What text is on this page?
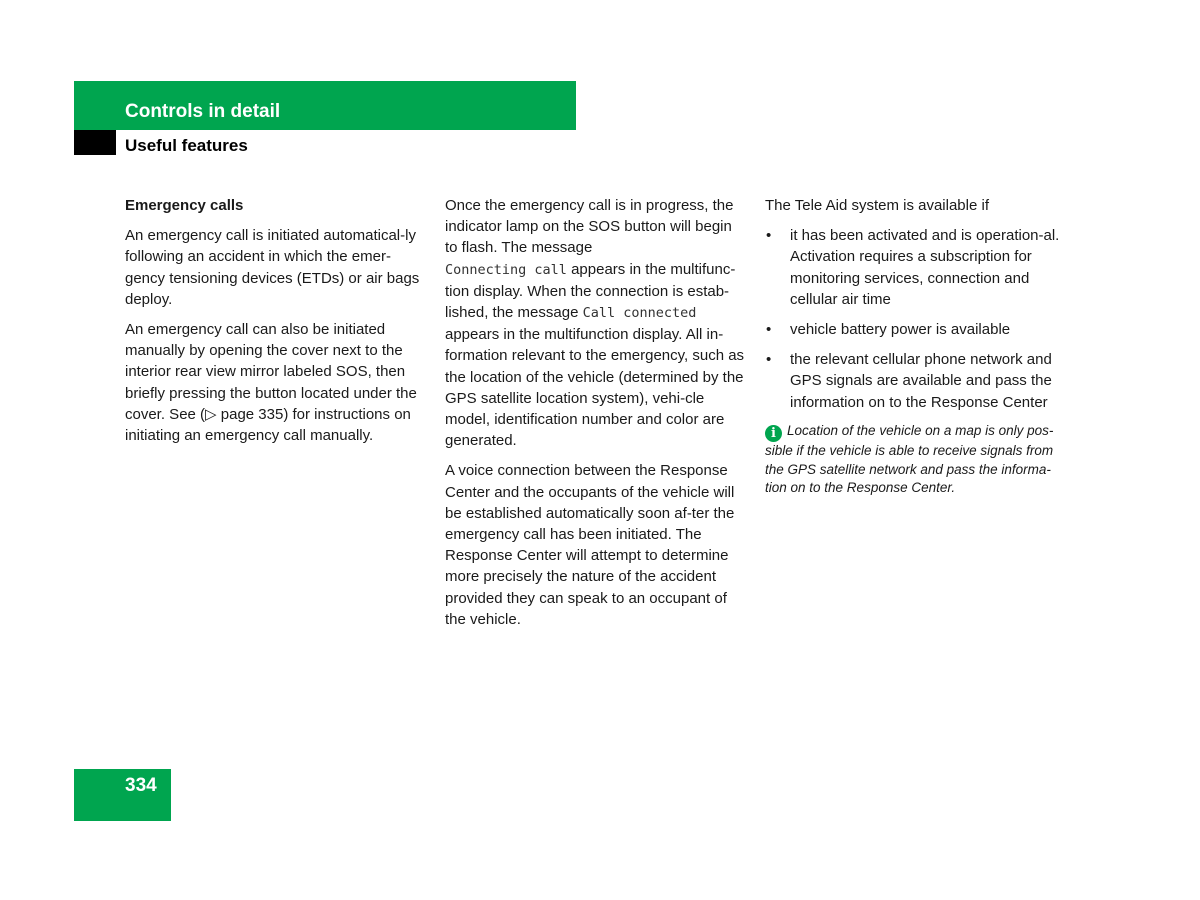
Controls in detail
Useful features
Emergency calls

An emergency call is initiated automatical-ly following an accident in which the emer-gency tensioning devices (ETDs) or air bags deploy.

An emergency call can also be initiated manually by opening the cover next to the interior rear view mirror labeled SOS, then briefly pressing the button located under the cover. See (▷ page 335) for instructions on initiating an emergency call manually.

Once the emergency call is in progress, the indicator lamp on the SOS button will begin to flash. The message
Connecting call appears in the multifunc-tion display. When the connection is estab-lished, the message Call connected appears in the multifunction display. All in-formation relevant to the emergency, such as the location of the vehicle (determined by the GPS satellite location system), vehi-cle model, identification number and color are generated.

A voice connection between the Response Center and the occupants of the vehicle will be established automatically soon af-ter the emergency call has been initiated. The Response Center will attempt to determine more precisely the nature of the accident provided they can speak to an occupant of the vehicle.

The Tele Aid system is available if

• it has been activated and is operation-al. Activation requires a subscription for monitoring services, connection and cellular air time
• vehicle battery power is available
• the relevant cellular phone network and GPS signals are available and pass the information on to the Response Center
i Location of the vehicle on a map is only pos-sible if the vehicle is able to receive signals from the GPS satellite network and pass the informa-tion on to the Response Center.
334
